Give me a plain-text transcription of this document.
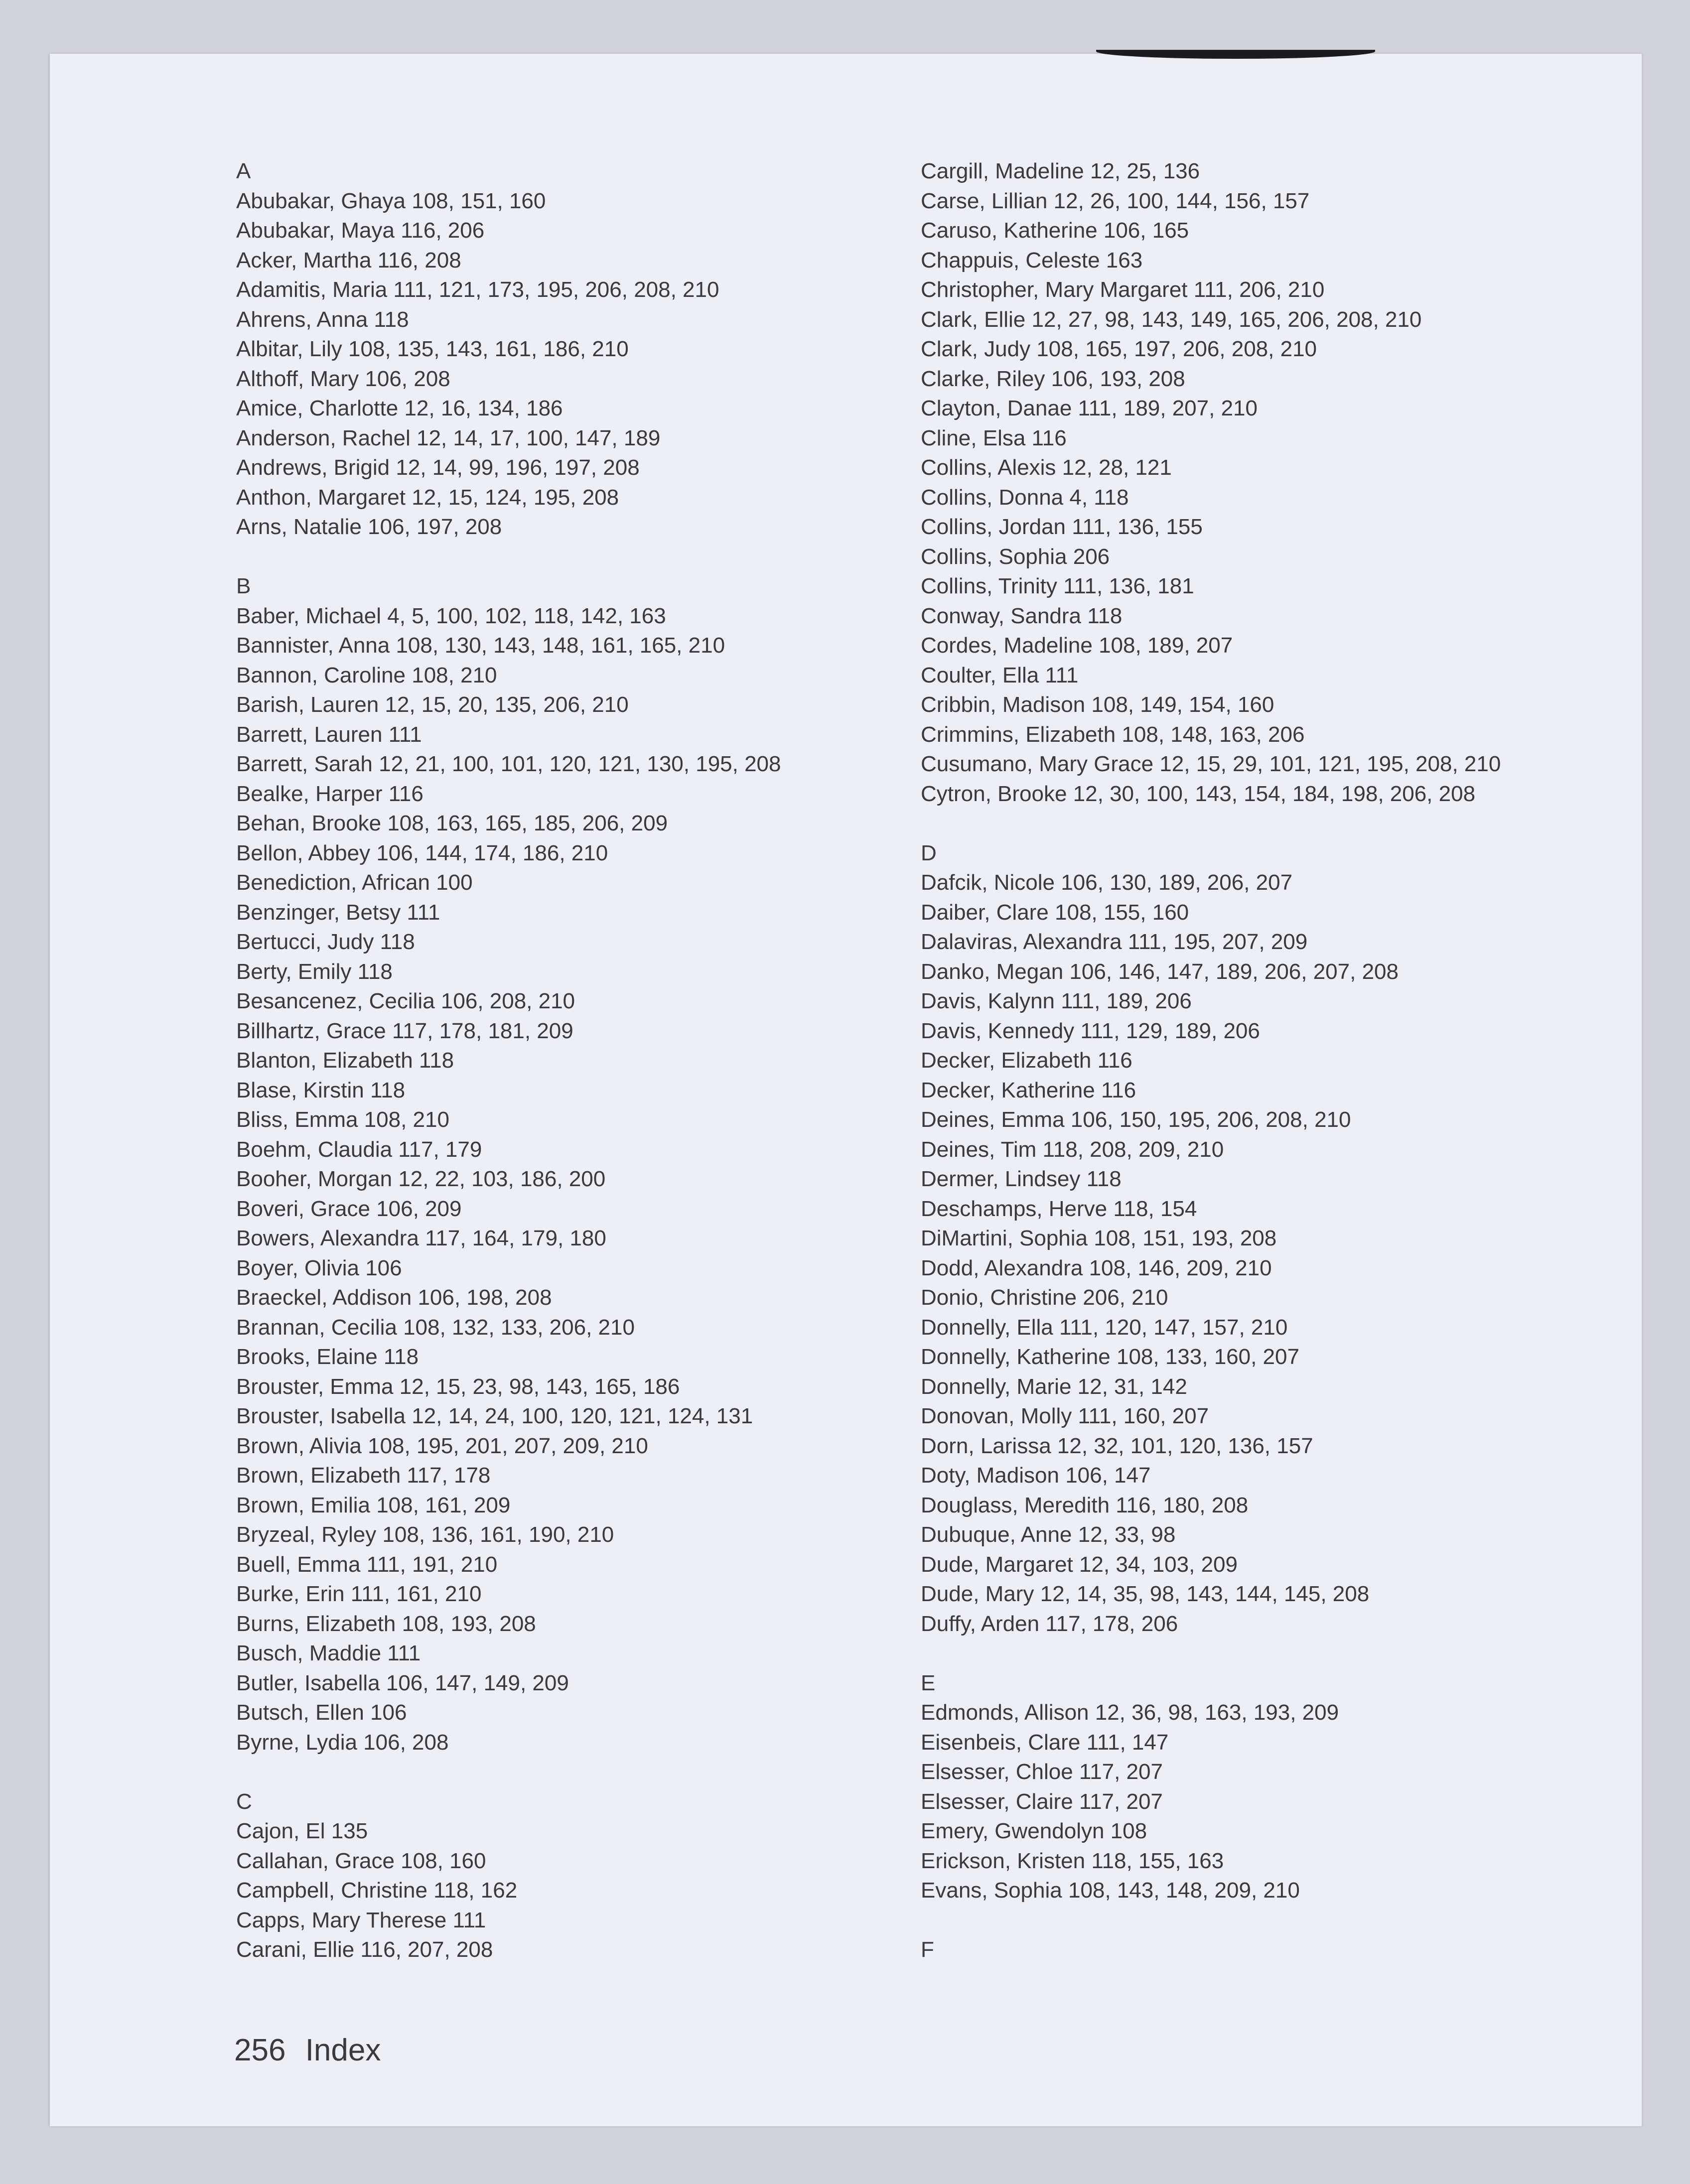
A
Abubakar, Ghaya 108, 151, 160
Abubakar, Maya 116, 206
Acker, Martha 116, 208
Adamitis, Maria 111, 121, 173, 195, 206, 208, 210
Ahrens, Anna 118
Albitar, Lily 108, 135, 143, 161, 186, 210
Althoff, Mary 106, 208
Amice, Charlotte 12, 16, 134, 186
Anderson, Rachel 12, 14, 17, 100, 147, 189
Andrews, Brigid 12, 14, 99, 196, 197, 208
Anthon, Margaret 12, 15, 124, 195, 208
Arns, Natalie 106, 197, 208
B
Baber, Michael 4, 5, 100, 102, 118, 142, 163
Bannister, Anna 108, 130, 143, 148, 161, 165, 210
Bannon, Caroline 108, 210
Barish, Lauren 12, 15, 20, 135, 206, 210
Barrett, Lauren 111
Barrett, Sarah 12, 21, 100, 101, 120, 121, 130, 195, 208
Bealke, Harper 116
Behan, Brooke 108, 163, 165, 185, 206, 209
Bellon, Abbey 106, 144, 174, 186, 210
Benediction, African 100
Benzinger, Betsy 111
Bertucci, Judy 118
Berty, Emily 118
Besancenez, Cecilia 106, 208, 210
Billhartz, Grace 117, 178, 181, 209
Blanton, Elizabeth 118
Blase, Kirstin 118
Bliss, Emma 108, 210
Boehm, Claudia 117, 179
Booher, Morgan 12, 22, 103, 186, 200
Boveri, Grace 106, 209
Bowers, Alexandra 117, 164, 179, 180
Boyer, Olivia 106
Braeckel, Addison 106, 198, 208
Brannan, Cecilia 108, 132, 133, 206, 210
Brooks, Elaine 118
Brouster, Emma 12, 15, 23, 98, 143, 165, 186
Brouster, Isabella 12, 14, 24, 100, 120, 121, 124, 131
Brown, Alivia 108, 195, 201, 207, 209, 210
Brown, Elizabeth 117, 178
Brown, Emilia 108, 161, 209
Bryzeal, Ryley 108, 136, 161, 190, 210
Buell, Emma 111, 191, 210
Burke, Erin 111, 161, 210
Burns, Elizabeth 108, 193, 208
Busch, Maddie 111
Butler, Isabella 106, 147, 149, 209
Butsch, Ellen 106
Byrne, Lydia 106, 208
C
Cajon, El 135
Callahan, Grace 108, 160
Campbell, Christine 118, 162
Capps, Mary Therese 111
Carani, Ellie 116, 207, 208
Cargill, Madeline 12, 25, 136
Carse, Lillian 12, 26, 100, 144, 156, 157
Caruso, Katherine 106, 165
Chappuis, Celeste 163
Christopher, Mary Margaret 111, 206, 210
Clark, Ellie 12, 27, 98, 143, 149, 165, 206, 208, 210
Clark, Judy 108, 165, 197, 206, 208, 210
Clarke, Riley 106, 193, 208
Clayton, Danae 111, 189, 207, 210
Cline, Elsa 116
Collins, Alexis 12, 28, 121
Collins, Donna 4, 118
Collins, Jordan 111, 136, 155
Collins, Sophia 206
Collins, Trinity 111, 136, 181
Conway, Sandra 118
Cordes, Madeline 108, 189, 207
Coulter, Ella 111
Cribbin, Madison 108, 149, 154, 160
Crimmins, Elizabeth 108, 148, 163, 206
Cusumano, Mary Grace 12, 15, 29, 101, 121, 195, 208, 210
Cytron, Brooke 12, 30, 100, 143, 154, 184, 198, 206, 208
D
Dafcik, Nicole 106, 130, 189, 206, 207
Daiber, Clare 108, 155, 160
Dalaviras, Alexandra 111, 195, 207, 209
Danko, Megan 106, 146, 147, 189, 206, 207, 208
Davis, Kalynn 111, 189, 206
Davis, Kennedy 111, 129, 189, 206
Decker, Elizabeth 116
Decker, Katherine 116
Deines, Emma 106, 150, 195, 206, 208, 210
Deines, Tim 118, 208, 209, 210
Dermer, Lindsey 118
Deschamps, Herve 118, 154
DiMartini, Sophia 108, 151, 193, 208
Dodd, Alexandra 108, 146, 209, 210
Donio, Christine 206, 210
Donnelly, Ella 111, 120, 147, 157, 210
Donnelly, Katherine 108, 133, 160, 207
Donnelly, Marie 12, 31, 142
Donovan, Molly 111, 160, 207
Dorn, Larissa 12, 32, 101, 120, 136, 157
Doty, Madison 106, 147
Douglass, Meredith 116, 180, 208
Dubuque, Anne 12, 33, 98
Dude, Margaret 12, 34, 103, 209
Dude, Mary 12, 14, 35, 98, 143, 144, 145, 208
Duffy, Arden 117, 178, 206
E
Edmonds, Allison 12, 36, 98, 163, 193, 209
Eisenbeis, Clare 111, 147
Elsesser, Chloe 117, 207
Elsesser, Claire 117, 207
Emery, Gwendolyn 108
Erickson, Kristen 118, 155, 163
Evans, Sophia 108, 143, 148, 209, 210
F
256 Index
